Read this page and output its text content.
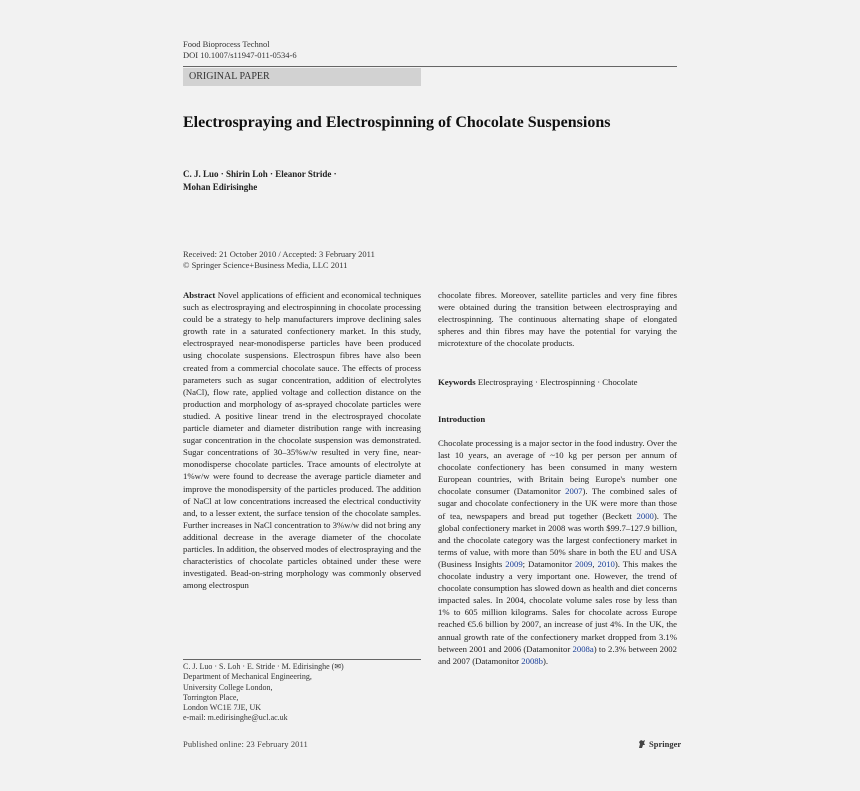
Food Bioprocess Technol
DOI 10.1007/s11947-011-0534-6
ORIGINAL PAPER
Electrospraying and Electrospinning of Chocolate Suspensions
C. J. Luo · Shirin Loh · Eleanor Stride ·
Mohan Edirisinghe
Received: 21 October 2010 / Accepted: 3 February 2011
© Springer Science+Business Media, LLC 2011

Abstract Novel applications of efficient and economical techniques such as electrospraying and electrospinning in chocolate processing could be a strategy to help manufacturers improve declining sales growth rate in a saturated confectionery market. In this study, electrosprayed near-monodisperse particles have been produced using chocolate suspensions. Electrospun fibres have also been created from a commercial chocolate sauce. The effects of process parameters such as sugar concentration, addition of electrolytes (NaCl), flow rate, applied voltage and collection distance on the production and morphology of as-sprayed chocolate particles were studied. A positive linear trend in the electrosprayed chocolate particle diameter and diameter distribution range with increasing sugar concentration in the chocolate suspension was demonstrated. Sugar concentrations of 30–35%w/w resulted in very fine, near-monodisperse chocolate particles. Trace amounts of electrolyte at 1%w/w were found to decrease the average particle diameter and improve the monodispersity of the particles produced. The addition of NaCl at low concentrations increased the electrical conductivity and, to a lesser extent, the surface tension of the chocolate samples. Further increases in NaCl concentration to 3%w/w did not bring any additional decrease in the average diameter of the chocolate particles. In addition, the observed modes of electrospraying and the characteristics of chocolate particles obtained under these were investigated. Bead-on-string morphology was commonly observed among electrospun

chocolate fibres. Moreover, satellite particles and very fine fibres were obtained during the transition between electrospraying and electrospinning. The continuous alternating shape of elongated spheres and thin fibres may have the potential for varying the microtexture of the chocolate products.
Keywords Electrospraying · Electrospinning · Chocolate
Introduction

Chocolate processing is a major sector in the food industry. Over the last 10 years, an average of ~10 kg per person per annum of chocolate confectionery has been consumed in many western European countries, with Britain being Europe's number one chocolate consumer (Datamonitor 2007). The combined sales of sugar and chocolate confectionery in the UK were more than those of tea, newspapers and bread put together (Beckett 2000). The global confectionery market in 2008 was worth $99.7–127.9 billion, and the chocolate category was the largest confectionery market in terms of value, with more than 50% share in both the EU and USA (Business Insights 2009; Datamonitor 2009, 2010). This makes the chocolate industry a very important one. However, the trend of chocolate consumption has slowed down as health and diet concerns impacted sales. In 2004, chocolate volume sales rose by less than 1% to 605 million kilograms. Sales for chocolate across Europe reached €5.6 billion by 2007, an increase of just 4%. In the UK, the annual growth rate of the confectionery market dropped from 3.1% between 2001 and 2006 (Datamonitor 2008a) to 2.3% between 2002 and 2007 (Datamonitor 2008b).

C. J. Luo · S. Loh · E. Stride · M. Edirisinghe (✉)
Department of Mechanical Engineering,
University College London,
Torrington Place,
London WC1E 7JE, UK
e-mail: m.edirisinghe@ucl.ac.uk
Published online: 23 February 2011	Springer
